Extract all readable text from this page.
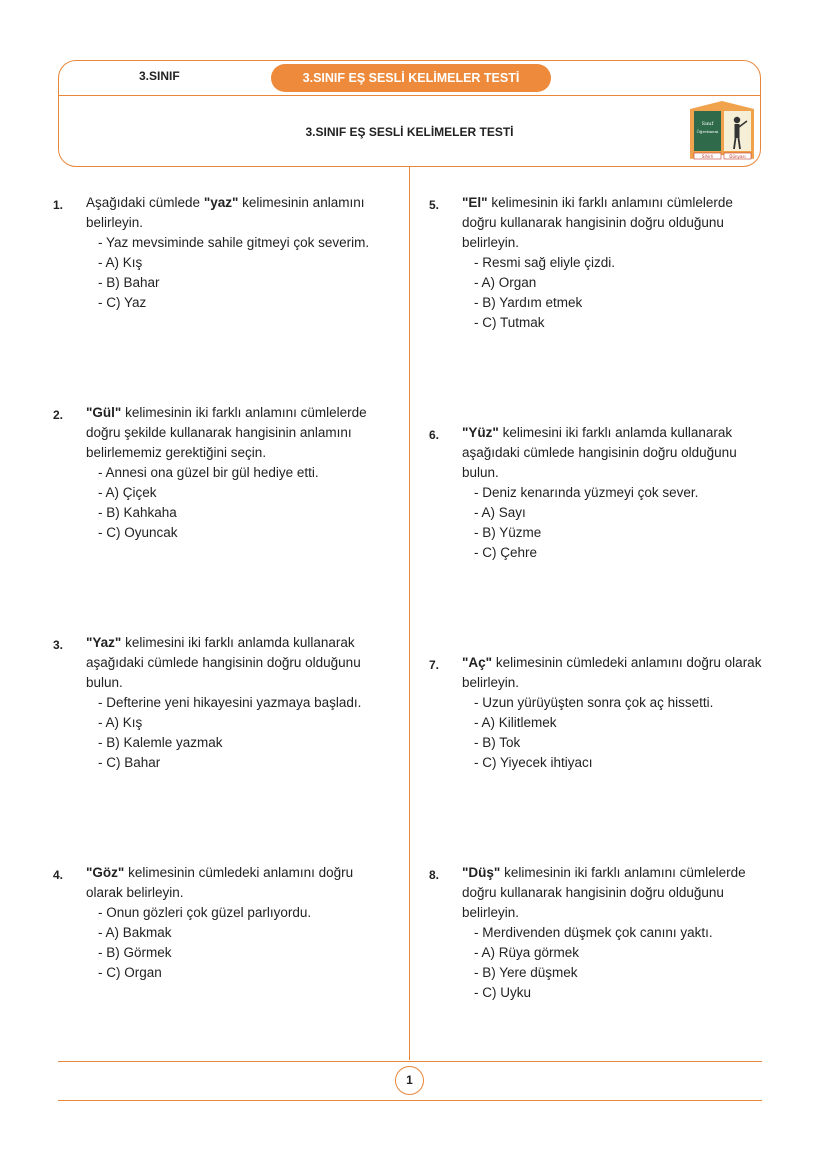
3.SINIF	3.SINIF EŞ SESLİ KELİMELER TESTİ
3.SINIF EŞ SESLİ KELİMELER TESTİ
Sınıf
Öğretmeni
Sihirli	Dünyası
1. Aşağıdaki cümlede "yaz" kelimesinin anlamını belirleyin.
- Yaz mevsiminde sahile gitmeyi çok severim.
- A) Kış
- B) Bahar
- C) Yaz
2. "Gül" kelimesinin iki farklı anlamını cümlelerde doğru şekilde kullanarak hangisinin anlamını belirlememiz gerektiğini seçin.
- Annesi ona güzel bir gül hediye etti.
- A) Çiçek
- B) Kahkaha
- C) Oyuncak
3. "Yaz" kelimesini iki farklı anlamda kullanarak aşağıdaki cümlede hangisinin doğru olduğunu bulun.
- Defterine yeni hikayesini yazmaya başladı.
- A) Kış
- B) Kalemle yazmak
- C) Bahar
4. "Göz" kelimesinin cümledeki anlamını doğru olarak belirleyin.
- Onun gözleri çok güzel parlıyordu.
- A) Bakmak
- B) Görmek
- C) Organ
5. "El" kelimesinin iki farklı anlamını cümlelerde doğru kullanarak hangisinin doğru olduğunu belirleyin.
- Resmi sağ eliyle çizdi.
- A) Organ
- B) Yardım etmek
- C) Tutmak
6. "Yüz" kelimesini iki farklı anlamda kullanarak aşağıdaki cümlede hangisinin doğru olduğunu bulun.
- Deniz kenarında yüzmeyi çok sever.
- A) Sayı
- B) Yüzme
- C) Çehre
7. "Aç" kelimesinin cümledeki anlamını doğru olarak belirleyin.
- Uzun yürüyüşten sonra çok aç hissetti.
- A) Kilitlemek
- B) Tok
- C) Yiyecek ihtiyacı
8. "Düş" kelimesinin iki farklı anlamını cümlelerde doğru kullanarak hangisinin doğru olduğunu belirleyin.
- Merdivenden düşmek çok canını yaktı.
- A) Rüya görmek
- B) Yere düşmek
- C) Uyku
1
